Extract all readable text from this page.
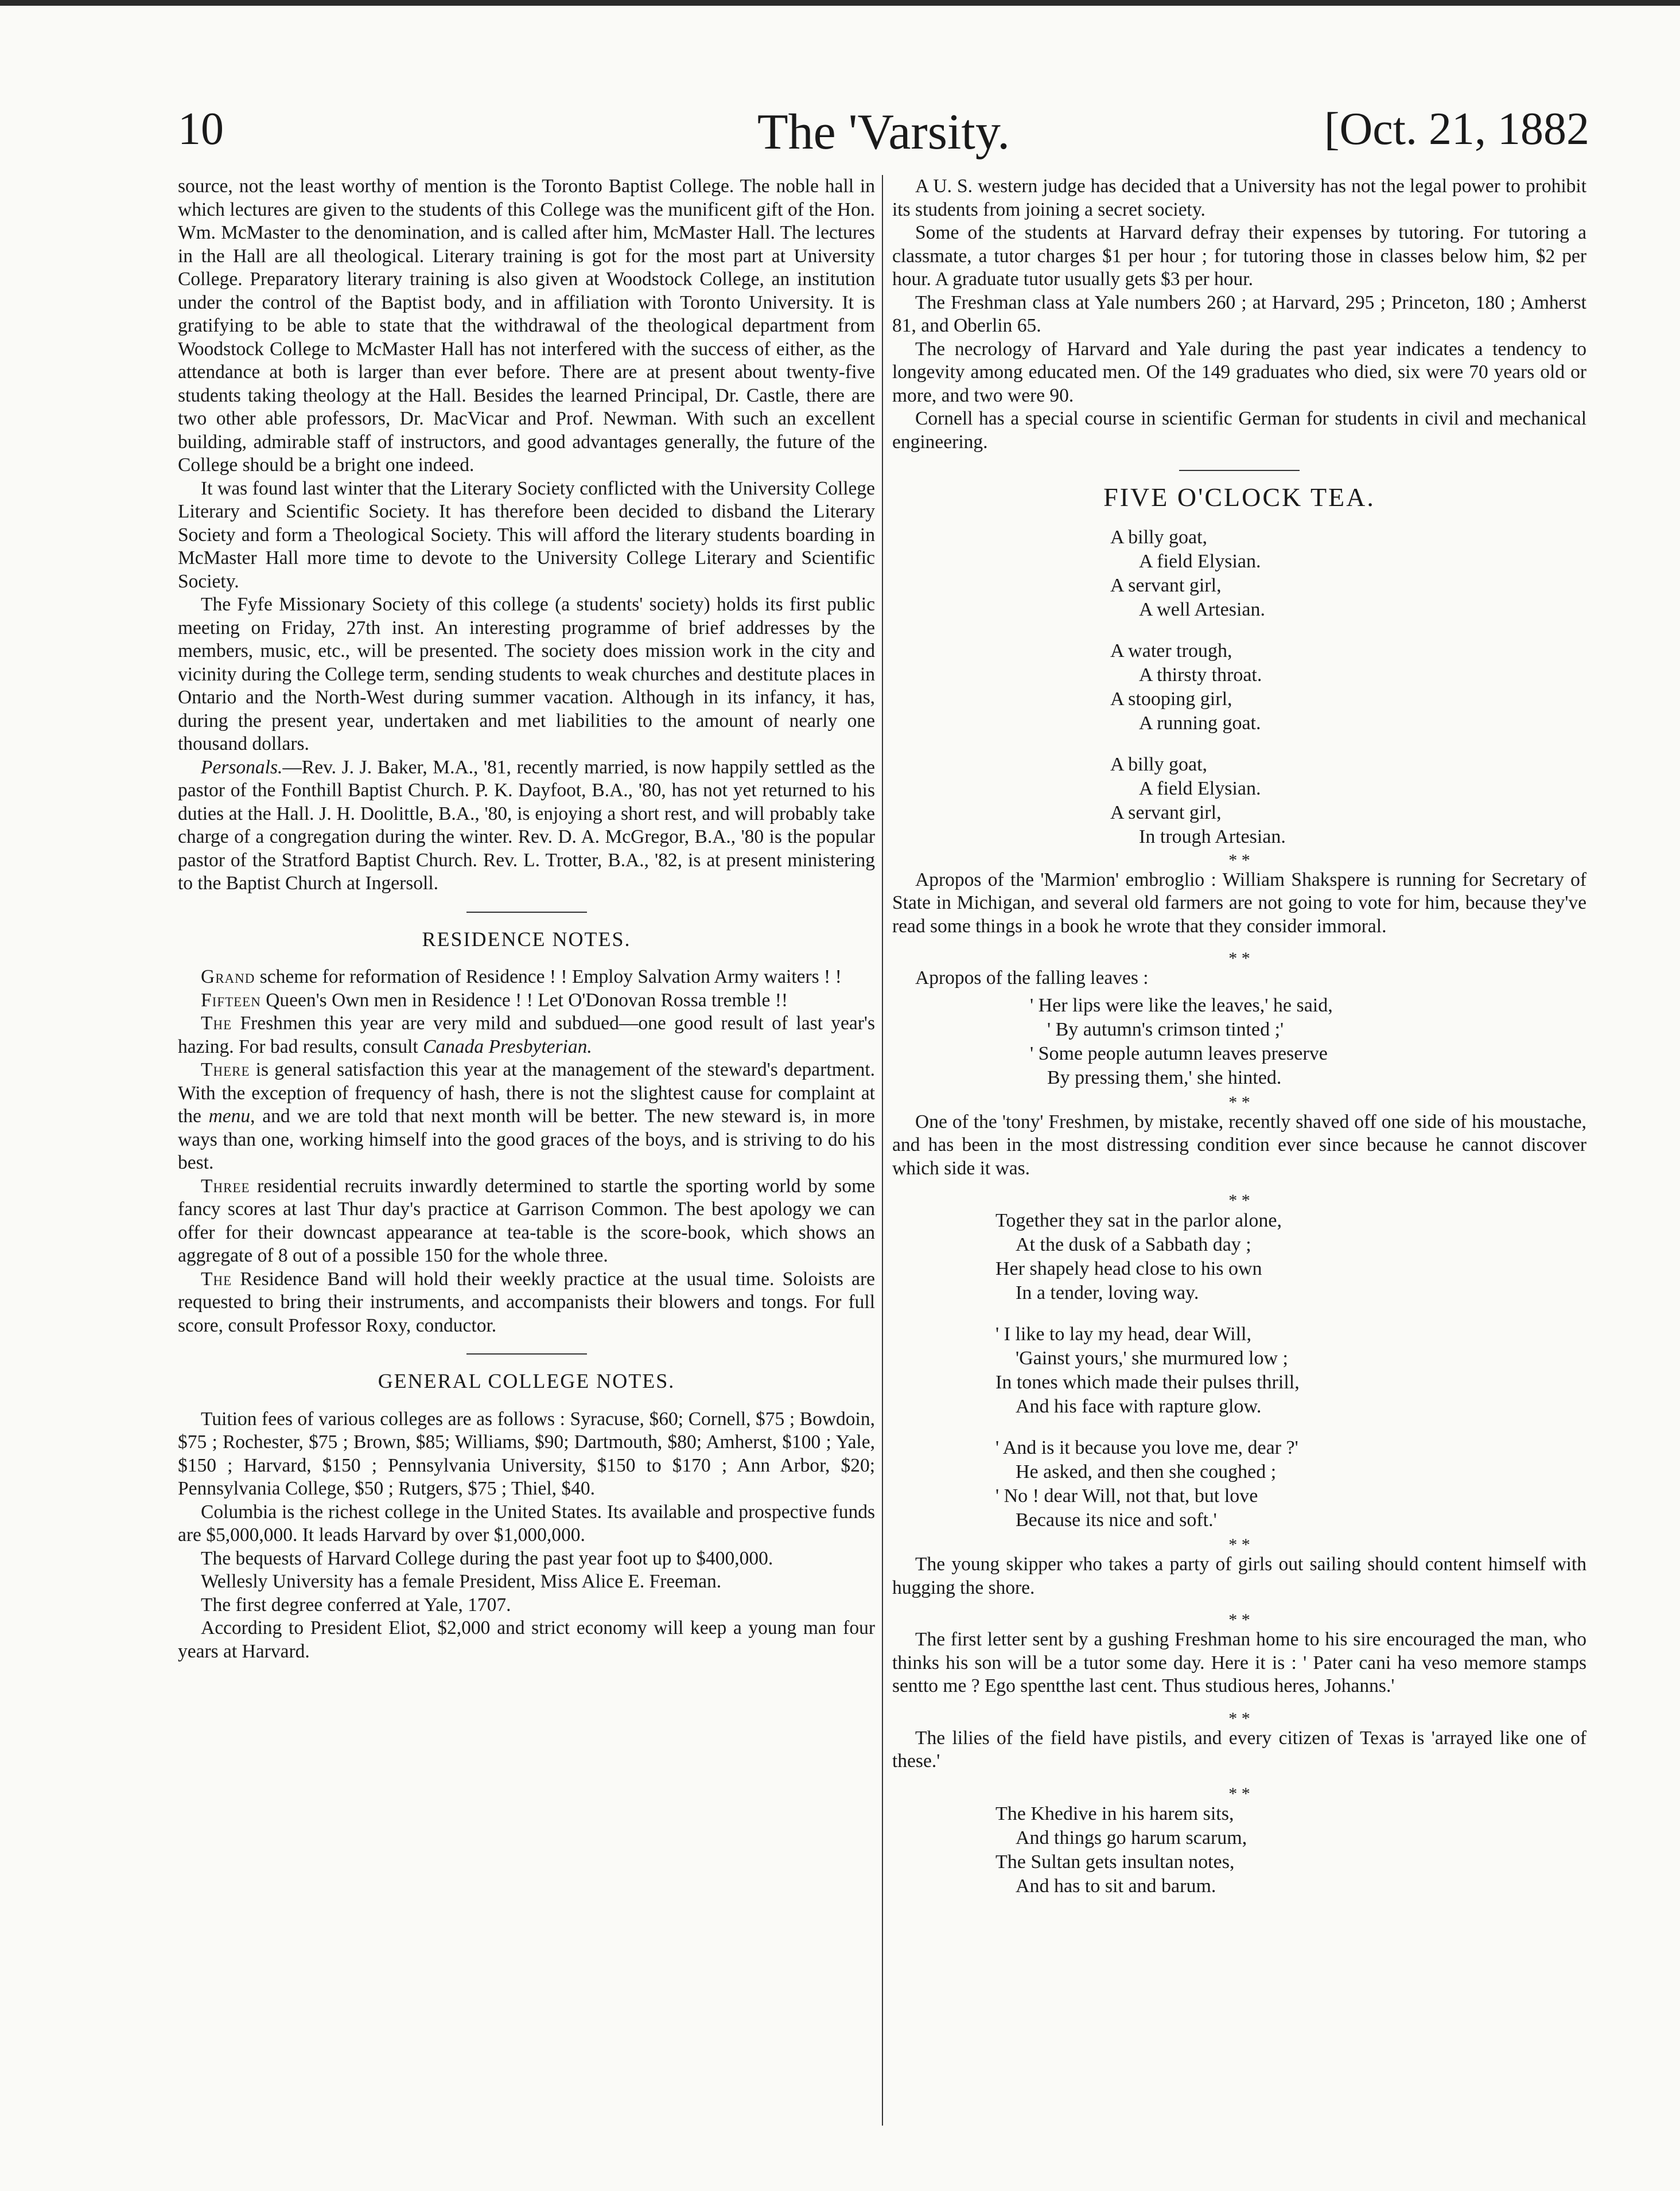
10	The 'Varsity.	[Oct. 21, 1882

source, not the least worthy of mention is the Toronto Baptist College. The noble hall in which lectures are given to the students of this College was the munificent gift of the Hon. Wm. McMaster to the denomination, and is called after him, McMaster Hall. The lectures in the Hall are all theological. Literary training is got for the most part at University College. Preparatory literary training is also given at Woodstock College, an institution under the control of the Baptist body, and in affiliation with Toronto University. It is gratifying to be able to state that the withdrawal of the theological department from Woodstock College to McMaster Hall has not interfered with the success of either, as the attendance at both is larger than ever before. There are at present about twenty-five students taking theology at the Hall. Besides the learned Principal, Dr. Castle, there are two other able professors, Dr. MacVicar and Prof. Newman. With such an excellent building, admirable staff of instructors, and good advantages generally, the future of the College should be a bright one indeed.

It was found last winter that the Literary Society conflicted with the University College Literary and Scientific Society. It has therefore been decided to disband the Literary Society and form a Theological Society. This will afford the literary students boarding in McMaster Hall more time to devote to the University College Literary and Scientific Society.

The Fyfe Missionary Society of this college (a students' society) holds its first public meeting on Friday, 27th inst. An interesting programme of brief addresses by the members, music, etc., will be presented. The society does mission work in the city and vicinity during the College term, sending students to weak churches and destitute places in Ontario and the North-West during summer vacation. Although in its infancy, it has, during the present year, undertaken and met liabilities to the amount of nearly one thousand dollars.

Personals.—Rev. J. J. Baker, M.A., '81, recently married, is now happily settled as the pastor of the Fonthill Baptist Church. P. K. Dayfoot, B.A., '80, has not yet returned to his duties at the Hall. J. H. Doolittle, B.A., '80, is enjoying a short rest, and will probably take charge of a congregation during the winter. Rev. D. A. McGregor, B.A., '80 is the popular pastor of the Stratford Baptist Church. Rev. L. Trotter, B.A., '82, is at present ministering to the Baptist Church at Ingersoll.

RESIDENCE NOTES.

Grand scheme for reformation of Residence ! ! Employ Salvation Army waiters ! !

Fifteen Queen's Own men in Residence ! ! Let O'Donovan Rossa tremble !!

The Freshmen this year are very mild and subdued—one good result of last year's hazing. For bad results, consult Canada Presbyterian.

There is general satisfaction this year at the management of the steward's department. With the exception of frequency of hash, there is not the slightest cause for complaint at the menu, and we are told that next month will be better. The new steward is, in more ways than one, working himself into the good graces of the boys, and is striving to do his best.

Three residential recruits inwardly determined to startle the sporting world by some fancy scores at last Thur day's practice at Garrison Common. The best apology we can offer for their downcast appearance at tea-table is the score-book, which shows an aggregate of 8 out of a possible 150 for the whole three.

The Residence Band will hold their weekly practice at the usual time. Soloists are requested to bring their instruments, and accompanists their blowers and tongs. For full score, consult Professor Roxy, conductor.

GENERAL COLLEGE NOTES.

Tuition fees of various colleges are as follows : Syracuse, $60; Cornell, $75 ; Bowdoin, $75 ; Rochester, $75 ; Brown, $85; Williams, $90; Dartmouth, $80; Amherst, $100 ; Yale, $150 ; Harvard, $150 ; Pennsylvania University, $150 to $170 ; Ann Arbor, $20; Pennsylvania College, $50 ; Rutgers, $75 ; Thiel, $40.

Columbia is the richest college in the United States. Its available and prospective funds are $5,000,000. It leads Harvard by over $1,000,000.

The bequests of Harvard College during the past year foot up to $400,000.

Wellesly University has a female President, Miss Alice E. Freeman.

The first degree conferred at Yale, 1707.

According to President Eliot, $2,000 and strict economy will keep a young man four years at Harvard.

A U. S. western judge has decided that a University has not the legal power to prohibit its students from joining a secret society.

Some of the students at Harvard defray their expenses by tutoring. For tutoring a classmate, a tutor charges $1 per hour ; for tutoring those in classes below him, $2 per hour. A graduate tutor usually gets $3 per hour.

The Freshman class at Yale numbers 260 ; at Harvard, 295 ; Princeton, 180 ; Amherst 81, and Oberlin 65.

The necrology of Harvard and Yale during the past year indicates a tendency to longevity among educated men. Of the 149 graduates who died, six were 70 years old or more, and two were 90.

Cornell has a special course in scientific German for students in civil and mechanical engineering.

FIVE O'CLOCK TEA.
A billy goat,
A field Elysian.
A servant girl,
A well Artesian.
A water trough,
A thirsty throat.
A stooping girl,
A running goat.
A billy goat,
A field Elysian.
A servant girl,
In trough Artesian.
* *

Apropos of the 'Marmion' embroglio : William Shakspere is running for Secretary of State in Michigan, and several old farmers are not going to vote for him, because they've read some things in a book he wrote that they consider immoral.

* *

Apropos of the falling leaves :

' Her lips were like the leaves,' he said,
' By autumn's crimson tinted ;'
' Some people autumn leaves preserve
By pressing them,' she hinted.
* *

One of the 'tony' Freshmen, by mistake, recently shaved off one side of his moustache, and has been in the most distressing condition ever since because he cannot discover which side it was.

* *
Together they sat in the parlor alone,
At the dusk of a Sabbath day ;
Her shapely head close to his own
In a tender, loving way.
' I like to lay my head, dear Will,
'Gainst yours,' she murmured low ;
In tones which made their pulses thrill,
And his face with rapture glow.
' And is it because you love me, dear ?'
He asked, and then she coughed ;
' No ! dear Will, not that, but love
Because its nice and soft.'
* *

The young skipper who takes a party of girls out sailing should content himself with hugging the shore.

* *

The first letter sent by a gushing Freshman home to his sire encouraged the man, who thinks his son will be a tutor some day. Here it is : ' Pater cani ha veso memore stamps sentto me ? Ego spentthe last cent. Thus studious heres, Johanns.'

* *

The lilies of the field have pistils, and every citizen of Texas is 'arrayed like one of these.'

* *
The Khedive in his harem sits,
And things go harum scarum,
The Sultan gets insultan notes,
And has to sit and barum.
